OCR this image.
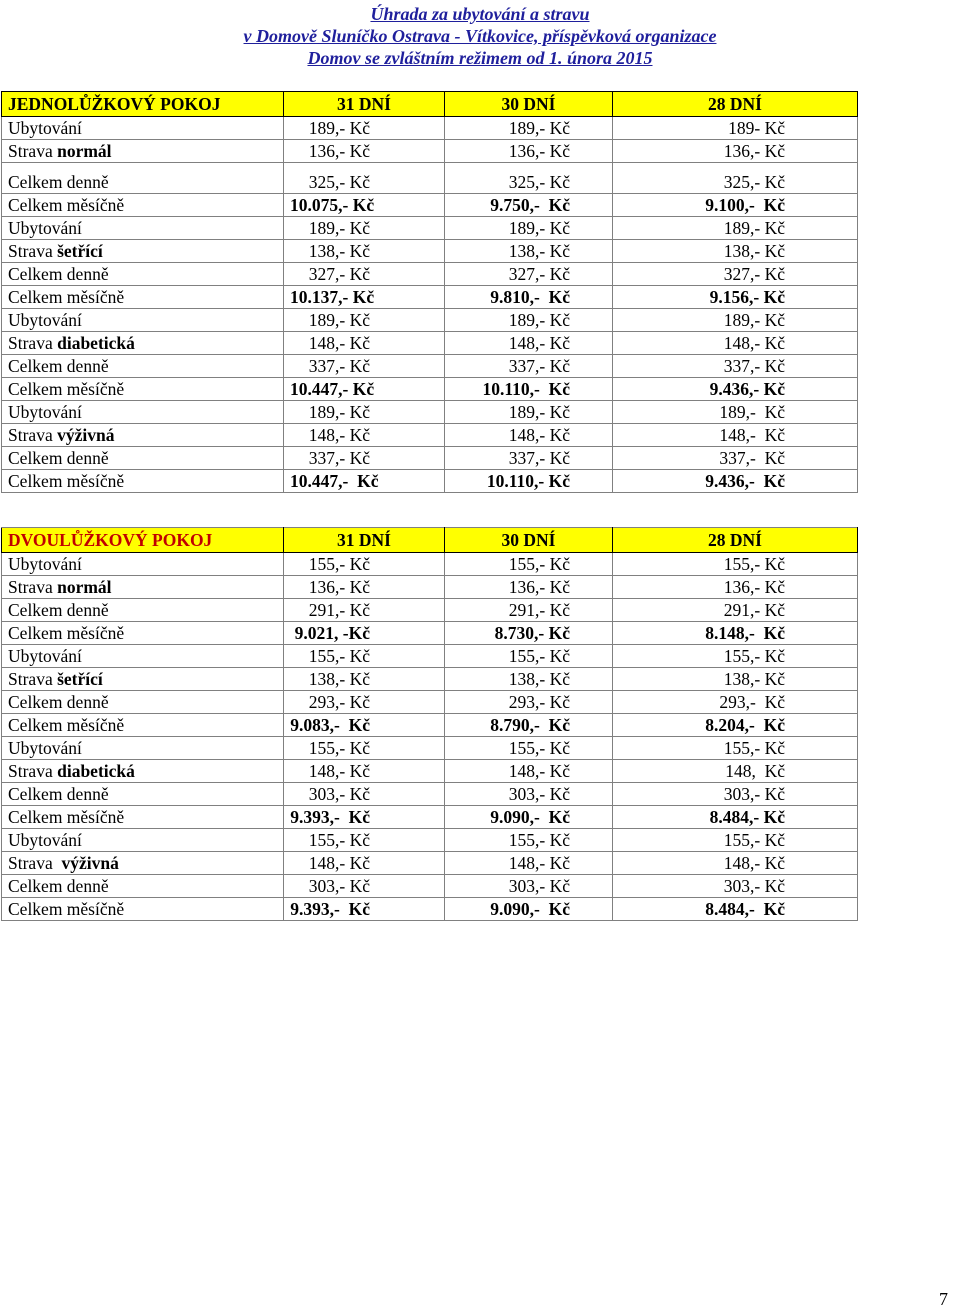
Úhrada za ubytování a stravu
v Domově Sluníčko Ostrava - Vítkovice, příspěvková organizace
Domov se zvláštním režimem od 1. února 2015
JEDNOLŮŽKOVÝ POKOJ	31 DNÍ	30 DNÍ	28 DNÍ
Ubytování	189,- Kč	189,- Kč	189- Kč
Strava normál	136,- Kč	136,- Kč	136,- Kč
Celkem denně	325,- Kč	325,- Kč	325,- Kč
Celkem měsíčně	10.075,- Kč	9.750,-  Kč	9.100,-  Kč
Ubytování	189,- Kč	189,- Kč	189,- Kč
Strava šetřící	138,- Kč	138,- Kč	138,- Kč
Celkem denně	327,- Kč	327,- Kč	327,- Kč
Celkem měsíčně	10.137,- Kč	9.810,-  Kč	9.156,- Kč
Ubytování	189,- Kč	189,- Kč	189,- Kč
Strava diabetická	148,- Kč	148,- Kč	148,- Kč
Celkem denně	337,- Kč	337,- Kč	337,- Kč
Celkem měsíčně	10.447,- Kč	10.110,-  Kč	9.436,- Kč
Ubytování	189,- Kč	189,- Kč	189,-  Kč
Strava výživná	148,- Kč	148,- Kč	148,-  Kč
Celkem denně	337,- Kč	337,- Kč	337,-  Kč
Celkem měsíčně	10.447,-  Kč	10.110,- Kč	9.436,-  Kč
DVOULŮŽKOVÝ POKOJ	31 DNÍ	30 DNÍ	28 DNÍ
Ubytování	155,- Kč	155,- Kč	155,- Kč
Strava normál	136,- Kč	136,- Kč	136,- Kč
Celkem denně	291,- Kč	291,- Kč	291,- Kč
Celkem měsíčně	9.021, -Kč	8.730,- Kč	8.148,-  Kč
Ubytování	155,- Kč	155,- Kč	155,- Kč
Strava šetřící	138,- Kč	138,- Kč	138,- Kč
Celkem denně	293,- Kč	293,- Kč	293,-  Kč
Celkem měsíčně	9.083,-  Kč	8.790,-  Kč	8.204,-  Kč
Ubytování	155,- Kč	155,- Kč	155,- Kč
Strava diabetická	148,- Kč	148,- Kč	148,  Kč
Celkem denně	303,- Kč	303,- Kč	303,- Kč
Celkem měsíčně	9.393,-  Kč	9.090,-  Kč	8.484,- Kč
Ubytování	155,- Kč	155,- Kč	155,- Kč
Strava  výživná	148,- Kč	148,- Kč	148,- Kč
Celkem denně	303,- Kč	303,- Kč	303,- Kč
Celkem měsíčně	9.393,-  Kč	9.090,-  Kč	8.484,-  Kč
7
